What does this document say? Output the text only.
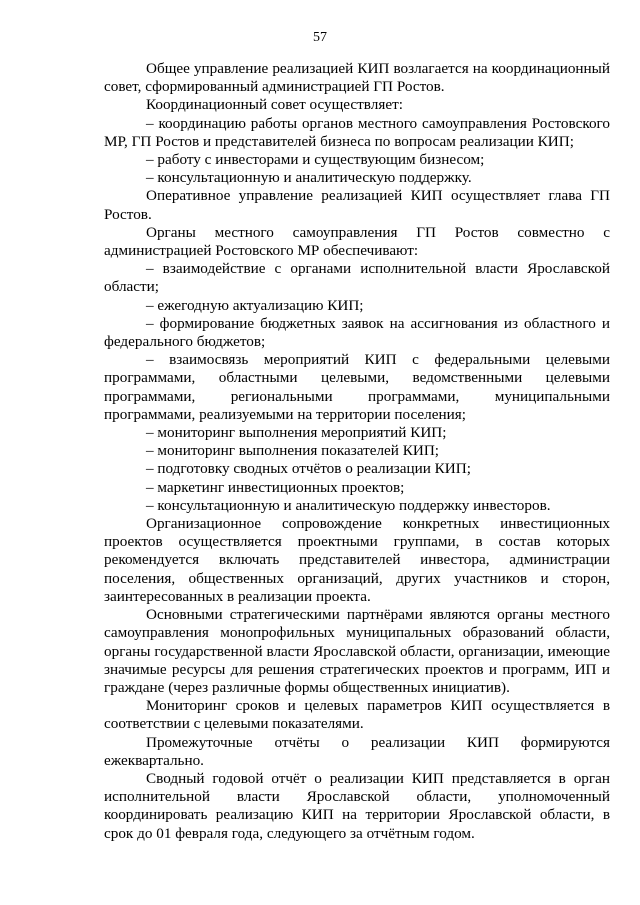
57

Общее управление реализацией КИП возлагается на координационный совет, сформированный администрацией ГП Ростов.

Координационный совет осуществляет:

– координацию работы органов местного самоуправления Ростовского МР, ГП Ростов и представителей бизнеса по вопросам реализации КИП;

– работу с инвесторами и существующим бизнесом;

– консультационную и аналитическую поддержку.

Оперативное управление реализацией КИП осуществляет глава ГП Ростов.

Органы местного самоуправления ГП Ростов совместно с администрацией Ростовского МР обеспечивают:

– взаимодействие с органами исполнительной власти Ярославской области;

– ежегодную актуализацию КИП;

– формирование бюджетных заявок на ассигнования из областного и федерального бюджетов;

– взаимосвязь мероприятий КИП с федеральными целевыми программами, областными целевыми, ведомственными целевыми программами, региональными программами, муниципальными программами, реализуемыми на территории поселения;

– мониторинг выполнения мероприятий КИП;

– мониторинг выполнения показателей КИП;

– подготовку сводных отчётов о реализации КИП;

– маркетинг инвестиционных проектов;

– консультационную и аналитическую поддержку инвесторов.

Организационное сопровождение конкретных инвестиционных проектов осуществляется проектными группами, в состав которых рекомендуется включать представителей инвестора, администрации поселения, общественных организаций, других участников и сторон, заинтересованных в реализации проекта.

Основными стратегическими партнёрами являются органы местного самоуправления монопрофильных муниципальных образований области, органы государственной власти Ярославской области, организации, имеющие значимые ресурсы для решения стратегических проектов и программ, ИП и граждане (через различные формы общественных инициатив).

Мониторинг сроков и целевых параметров КИП осуществляется в соответствии с целевыми показателями.

Промежуточные отчёты о реализации КИП формируются ежеквартально.

Сводный годовой отчёт о реализации КИП представляется в орган исполнительной власти Ярославской области, уполномоченный координировать реализацию КИП на территории Ярославской области, в срок до 01 февраля года, следующего за отчётным годом.
